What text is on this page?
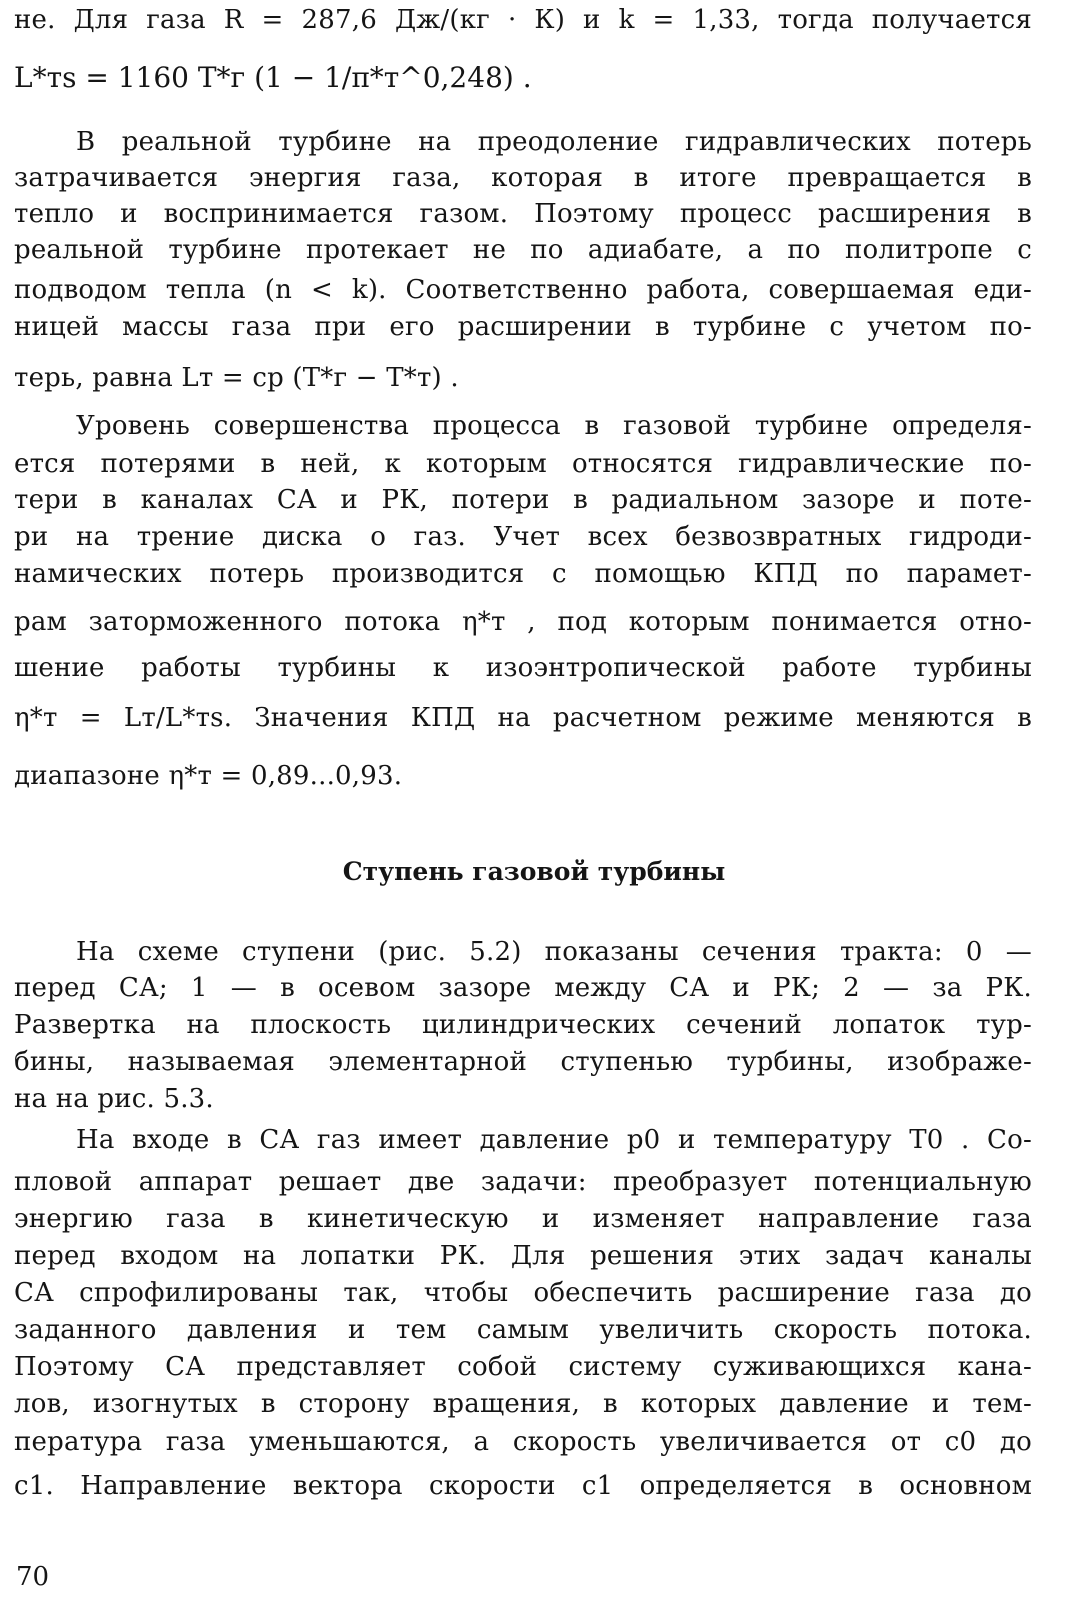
не. Для газа R = 287,6 Дж/(кг · К) и k = 1,33, тогда получается
L*тs = 1160 T*г (1 − 1/π*т^0,248) .
В реальной турбине на преодоление гидравлических потерь
затрачивается энергия газа, которая в итоге превращается в
тепло и воспринимается газом. Поэтому процесс расширения в
реальной турбине протекает не по адиабате, а по политропе с
подводом тепла (n < k). Соответственно работа, совершаемая еди-
ницей массы газа при его расширении в турбине с учетом по-
терь, равна Lт = cp (T*г − T*т) .
Уровень совершенства процесса в газовой турбине определя-
ется потерями в ней, к которым относятся гидравлические по-
тери в каналах СА и РК, потери в радиальном зазоре и поте-
ри на трение диска о газ. Учет всех безвозвратных гидроди-
намических потерь производится с помощью КПД по парамет-
рам заторможенного потока η*т , под которым понимается отно-
шение работы турбины к изоэнтропической работе турбины
η*т = Lт/L*тs. Значения КПД на расчетном режиме меняются в
диапазоне η*т = 0,89...0,93.
Ступень газовой турбины
На схеме ступени (рис. 5.2) показаны сечения тракта: 0 —
перед СА; 1 — в осевом зазоре между СА и РК; 2 — за РК.
Развертка на плоскость цилиндрических сечений лопаток тур-
бины, называемая элементарной ступенью турбины, изображе-
на на рис. 5.3.
На входе в СА газ имеет давление p0 и температуру T0 . Со-
пловой аппарат решает две задачи: преобразует потенциальную
энергию газа в кинетическую и изменяет направление газа
перед входом на лопатки РК. Для решения этих задач каналы
СА спрофилированы так, чтобы обеспечить расширение газа до
заданного давления и тем самым увеличить скорость потока.
Поэтому СА представляет собой систему суживающихся кана-
лов, изогнутых в сторону вращения, в которых давление и тем-
пература газа уменьшаются, а скорость увеличивается от c0 до
c1. Направление вектора скорости c1 определяется в основном
70
